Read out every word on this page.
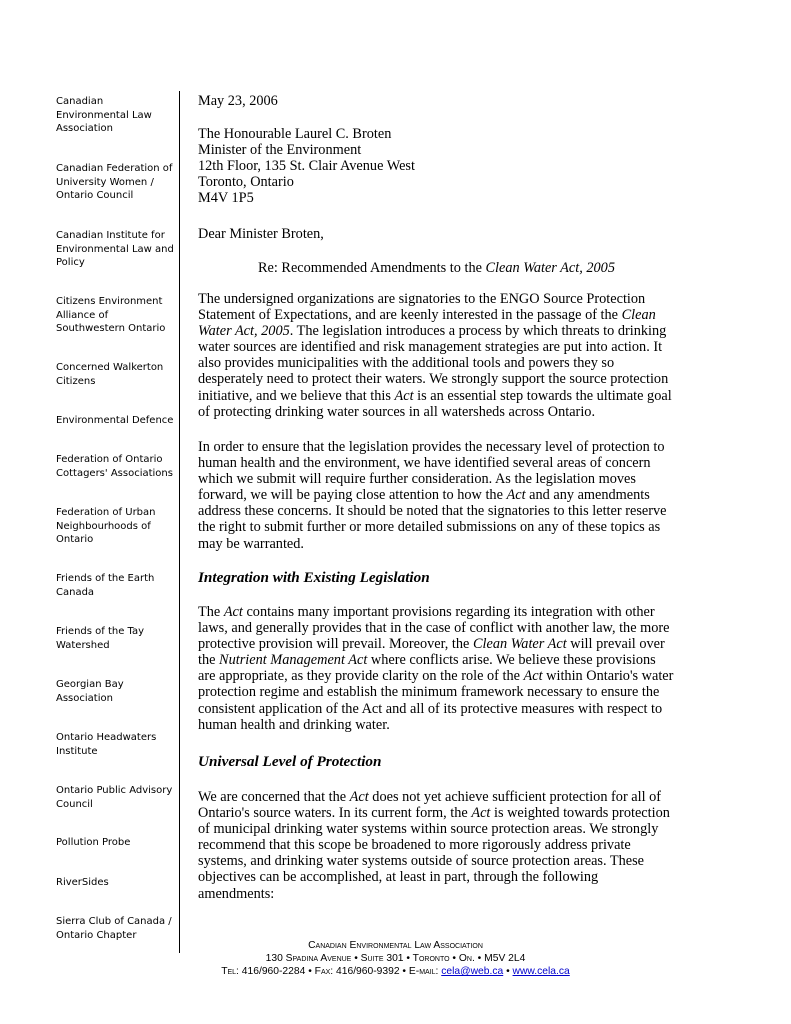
Canadian Environmental Law Association
Canadian Federation of University Women / Ontario Council
Canadian Institute for Environmental Law and Policy
Citizens Environment Alliance of Southwestern Ontario
Concerned Walkerton Citizens
Environmental Defence
Federation of Ontario Cottagers' Associations
Federation of Urban Neighbourhoods of Ontario
Friends of the Earth Canada
Friends of the Tay Watershed
Georgian Bay Association
Ontario Headwaters Institute
Ontario Public Advisory Council
Pollution Probe
RiverSides
Sierra Club of Canada / Ontario Chapter
May 23, 2006
The Honourable Laurel C. Broten
Minister of the Environment
12th Floor, 135 St. Clair Avenue West
Toronto, Ontario
M4V 1P5
Dear Minister Broten,
Re: Recommended Amendments to the Clean Water Act, 2005
The undersigned organizations are signatories to the ENGO Source Protection Statement of Expectations, and are keenly interested in the passage of the Clean Water Act, 2005. The legislation introduces a process by which threats to drinking water sources are identified and risk management strategies are put into action. It also provides municipalities with the additional tools and powers they so desperately need to protect their waters. We strongly support the source protection initiative, and we believe that this Act is an essential step towards the ultimate goal of protecting drinking water sources in all watersheds across Ontario.
In order to ensure that the legislation provides the necessary level of protection to human health and the environment, we have identified several areas of concern which we submit will require further consideration. As the legislation moves forward, we will be paying close attention to how the Act and any amendments address these concerns. It should be noted that the signatories to this letter reserve the right to submit further or more detailed submissions on any of these topics as may be warranted.
Integration with Existing Legislation
The Act contains many important provisions regarding its integration with other laws, and generally provides that in the case of conflict with another law, the more protective provision will prevail. Moreover, the Clean Water Act will prevail over the Nutrient Management Act where conflicts arise. We believe these provisions are appropriate, as they provide clarity on the role of the Act within Ontario's water protection regime and establish the minimum framework necessary to ensure the consistent application of the Act and all of its protective measures with respect to human health and drinking water.
Universal Level of Protection
We are concerned that the Act does not yet achieve sufficient protection for all of Ontario's source waters. In its current form, the Act is weighted towards protection of municipal drinking water systems within source protection areas. We strongly recommend that this scope be broadened to more rigorously address private systems, and drinking water systems outside of source protection areas. These objectives can be accomplished, at least in part, through the following amendments:
Canadian Environmental Law Association
130 Spadina Avenue • Suite 301 • Toronto • On. • M5V 2L4
Tel: 416/960-2284 • Fax: 416/960-9392 • E-mail: cela@web.ca • www.cela.ca
